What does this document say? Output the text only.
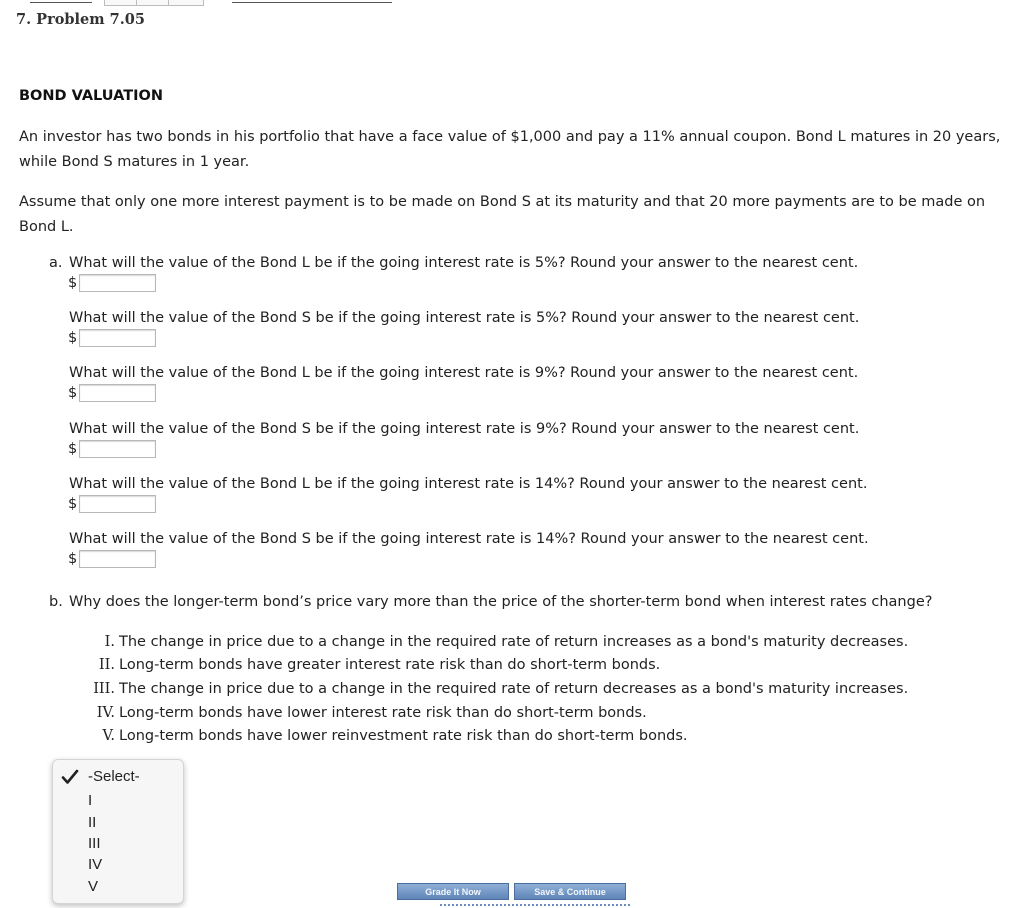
7. Problem 7.05
BOND VALUATION
An investor has two bonds in his portfolio that have a face value of $1,000 and pay a 11% annual coupon. Bond L matures in 20 years, while Bond S matures in 1 year.
Assume that only one more interest payment is to be made on Bond S at its maturity and that 20 more payments are to be made on Bond L.
a. What will the value of the Bond L be if the going interest rate is 5%? Round your answer to the nearest cent.
$
What will the value of the Bond S be if the going interest rate is 5%? Round your answer to the nearest cent.
$
What will the value of the Bond L be if the going interest rate is 9%? Round your answer to the nearest cent.
$
What will the value of the Bond S be if the going interest rate is 9%? Round your answer to the nearest cent.
$
What will the value of the Bond L be if the going interest rate is 14%? Round your answer to the nearest cent.
$
What will the value of the Bond S be if the going interest rate is 14%? Round your answer to the nearest cent.
$
b. Why does the longer-term bond’s price vary more than the price of the shorter-term bond when interest rates change?
I. The change in price due to a change in the required rate of return increases as a bond's maturity decreases.
II. Long-term bonds have greater interest rate risk than do short-term bonds.
III. The change in price due to a change in the required rate of return decreases as a bond's maturity increases.
IV. Long-term bonds have lower interest rate risk than do short-term bonds.
V. Long-term bonds have lower reinvestment rate risk than do short-term bonds.
-Select-
I
II
III
IV
V	Grade It Now	Save & Continue
